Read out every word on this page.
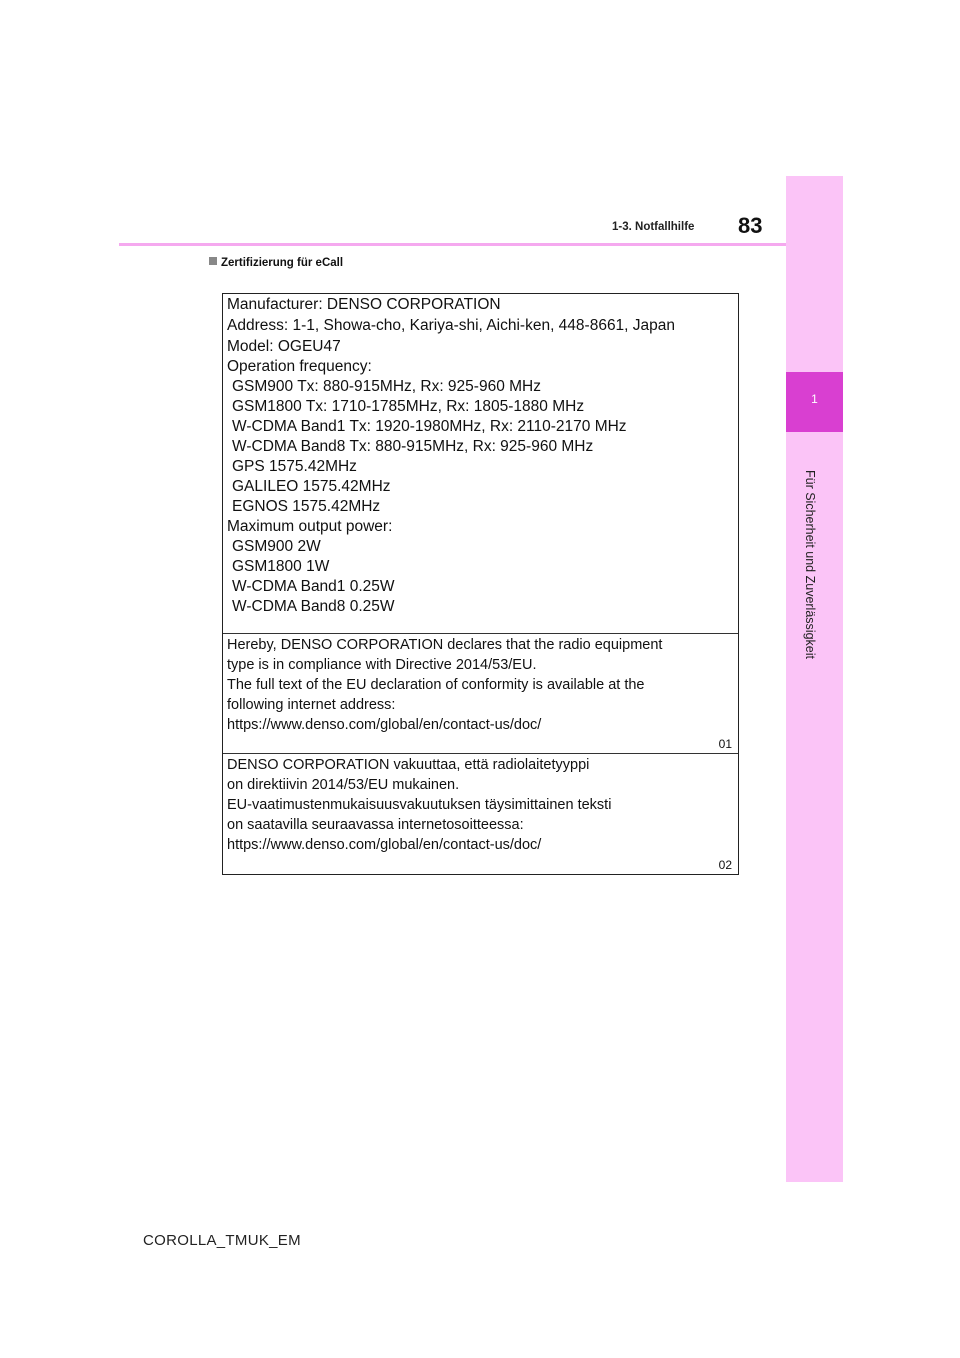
1
Für Sicherheit und Zuverlässigkeit
83
1-3. Notfallhilfe
Zertifizierung für eCall
Manufacturer: DENSO CORPORATION
Address: 1-1, Showa-cho, Kariya-shi, Aichi-ken, 448-8661, Japan
Model: OGEU47
Operation frequency:
GSM900 Tx: 880-915MHz, Rx: 925-960 MHz
GSM1800 Tx: 1710-1785MHz, Rx: 1805-1880 MHz
W-CDMA Band1 Tx: 1920-1980MHz, Rx: 2110-2170 MHz
W-CDMA Band8 Tx: 880-915MHz, Rx: 925-960 MHz
GPS 1575.42MHz
GALILEO 1575.42MHz
EGNOS 1575.42MHz
Maximum output power:
GSM900 2W
GSM1800 1W
W-CDMA Band1 0.25W
W-CDMA Band8 0.25W
Hereby, DENSO CORPORATION declares that the radio equipment
type is in compliance with Directive 2014/53/EU.
The full text of the EU declaration of conformity is available at the
following internet address:
https://www.denso.com/global/en/contact-us/doc/
01
DENSO CORPORATION vakuuttaa, että radiolaitetyyppi
on direktiivin 2014/53/EU mukainen.
EU-vaatimustenmukaisuusvakuutuksen täysimittainen teksti
on saatavilla seuraavassa internetosoitteessa:
https://www.denso.com/global/en/contact-us/doc/
02
COROLLA_TMUK_EM
